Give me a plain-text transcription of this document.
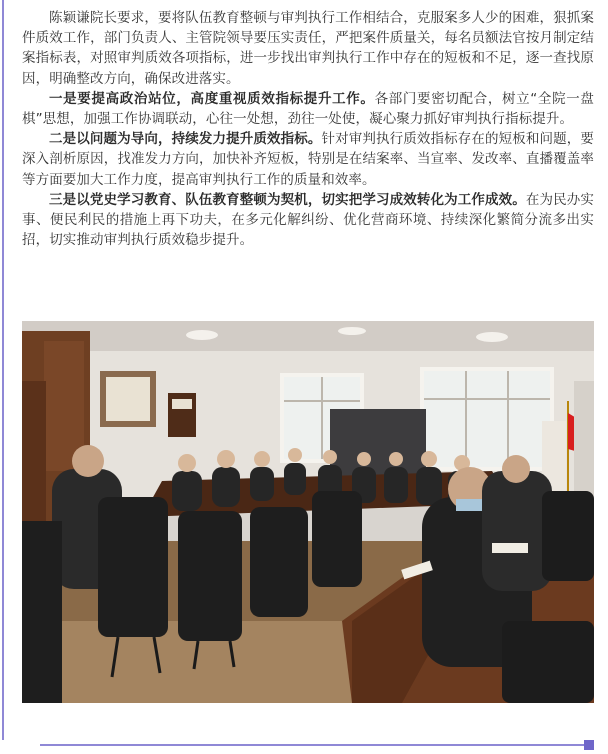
陈颖谦院长要求，要将队伍教育整顿与审判执行工作相结合，克服案多人少的困难，狠抓案件质效工作，部门负责人、主管院领导要压实责任，严把案件质量关，每名员额法官按月制定结案指标表，对照审判质效各项指标，进一步找出审判执行工作中存在的短板和不足，逐一查找原因，明确整改方向，确保改进落实。

一是要提高政治站位，高度重视质效指标提升工作。各部门要密切配合，树立“全院一盘棋”思想，加强工作协调联动，心往一处想，劲往一处使，凝心聚力抓好审判执行指标提升。

二是以问题为导向，持续发力提升质效指标。针对审判执行质效指标存在的短板和问题，要深入剖析原因，找准发力方向，加快补齐短板，特别是在结案率、当宣率、发改率、直播覆盖率等方面要加大工作力度，提高审判执行工作的质量和效率。

三是以党史学习教育、队伍教育整顿为契机，切实把学习成效转化为工作成效。在为民办实事、便民利民的措施上再下功夫，在多元化解纠纷、优化营商环境、持续深化繁简分流多出实招，切实推动审判执行质效稳步提升。
